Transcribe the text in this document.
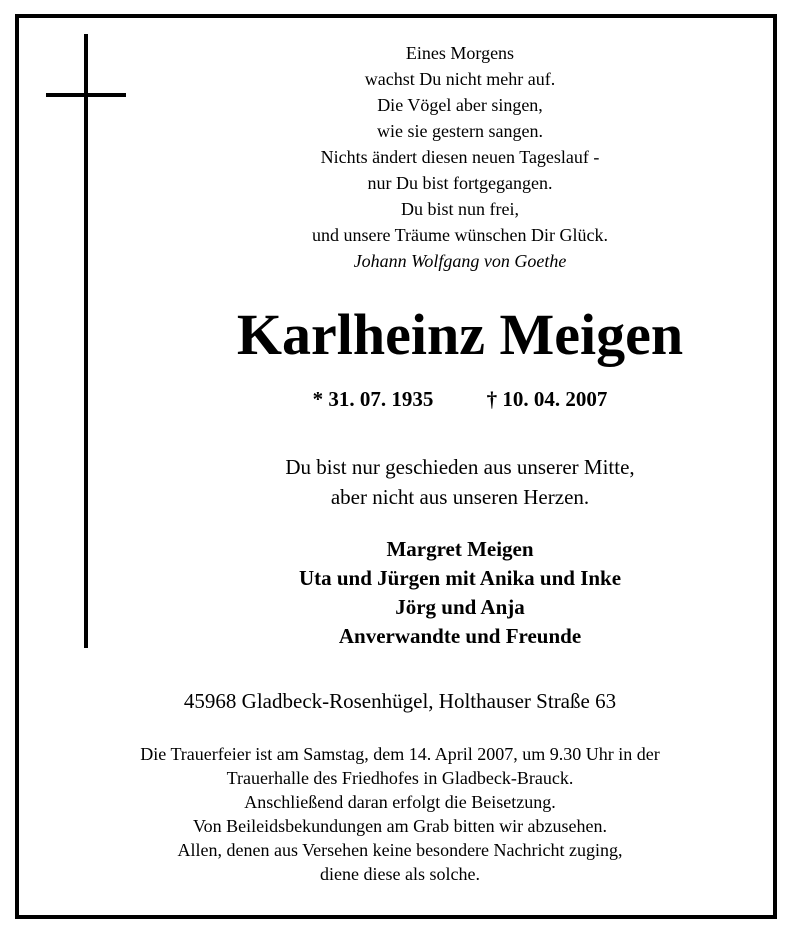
Eines Morgens
wachst Du nicht mehr auf.
Die Vögel aber singen,
wie sie gestern sangen.
Nichts ändert diesen neuen Tageslauf -
nur Du bist fortgegangen.
Du bist nun frei,
und unsere Träume wünschen Dir Glück.
Johann Wolfgang von Goethe
Karlheinz Meigen
* 31. 07. 1935	† 10. 04. 2007
Du bist nur geschieden aus unserer Mitte,
aber nicht aus unseren Herzen.
Margret Meigen
Uta und Jürgen mit Anika und Inke
Jörg und Anja
Anverwandte und Freunde
45968 Gladbeck-Rosenhügel, Holthauser Straße 63
Die Trauerfeier ist am Samstag, dem 14. April 2007, um 9.30 Uhr in der
Trauerhalle des Friedhofes in Gladbeck-Brauck.
Anschließend daran erfolgt die Beisetzung.
Von Beileidsbekundungen am Grab bitten wir abzusehen.
Allen, denen aus Versehen keine besondere Nachricht zuging,
diene diese als solche.
